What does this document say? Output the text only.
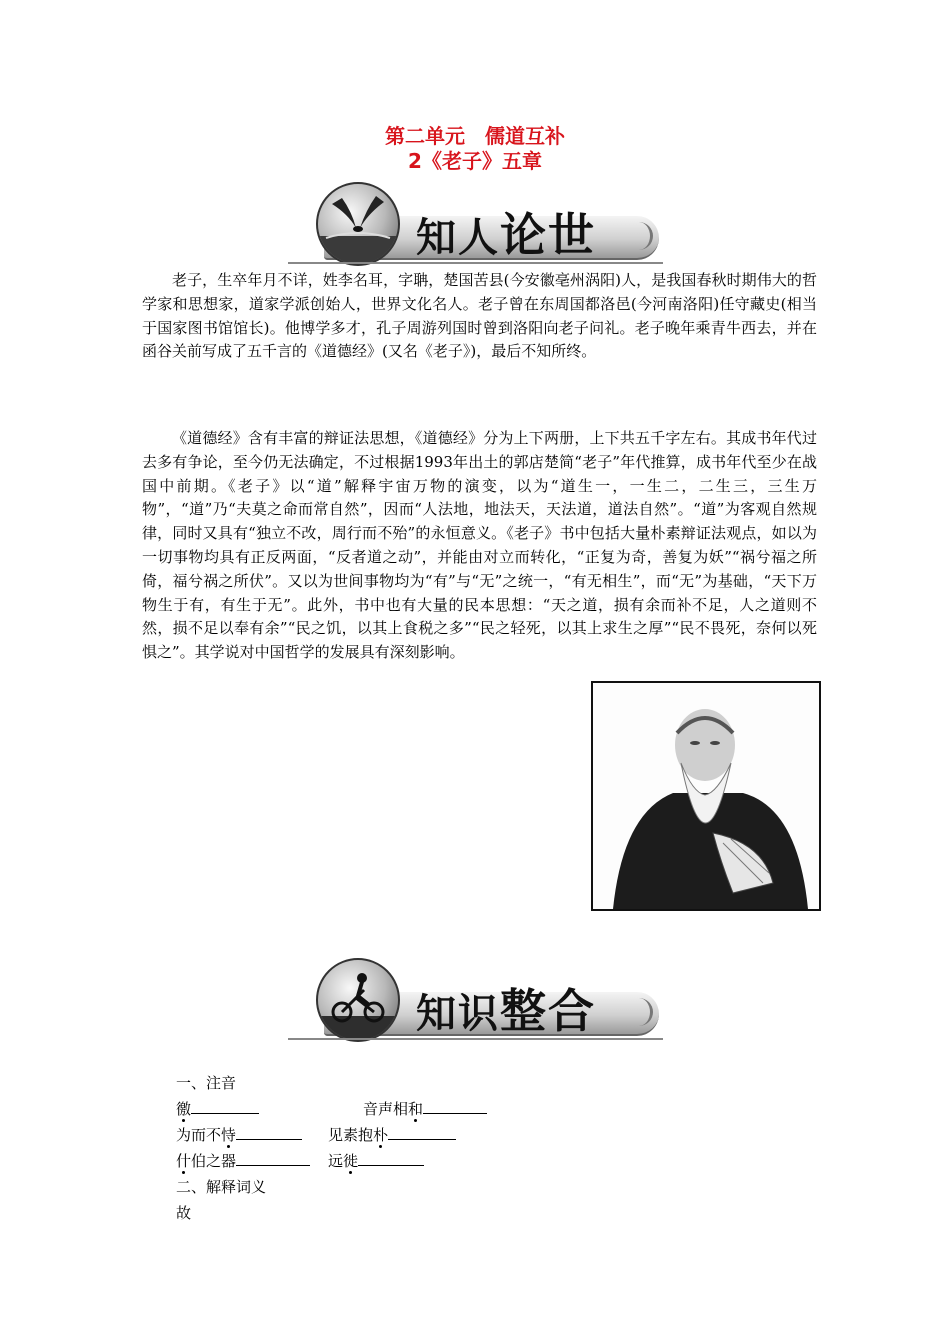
第二单元　儒道互补
2《老子》五章
知人论世

老子，生卒年月不详，姓李名耳，字聃，楚国苦县(今安徽亳州涡阳)人，是我国春秋时期伟大的哲学家和思想家，道家学派创始人，世界文化名人。老子曾在东周国都洛邑(今河南洛阳)任守藏史(相当于国家图书馆馆长)。他博学多才，孔子周游列国时曾到洛阳向老子问礼。老子晚年乘青牛西去，并在函谷关前写成了五千言的《道德经》(又名《老子》)，最后不知所终。

《道德经》含有丰富的辩证法思想，《道德经》分为上下两册，上下共五千字左右。其成书年代过去多有争论，至今仍无法确定，不过根据1993年出土的郭店楚简“老子”年代推算，成书年代至少在战国中前期。《老子》以“道”解释宇宙万物的演变，以为“道生一，一生二，二生三，三生万物”，“道”乃“夫莫之命而常自然”，因而“人法地，地法天，天法道，道法自然”。“道”为客观自然规律，同时又具有“独立不改，周行而不殆”的永恒意义。《老子》书中包括大量朴素辩证法观点，如以为一切事物均具有正反两面，“反者道之动”，并能由对立而转化，“正复为奇，善复为妖”“祸兮福之所倚，福兮祸之所伏”。又以为世间事物均为“有”与“无”之统一，“有无相生”，而“无”为基础，“天下万物生于有，有生于无”。此外，书中也有大量的民本思想：“天之道，损有余而补不足，人之道则不然，损不足以奉有余”“民之饥，以其上食税之多”“民之轻死，以其上求生之厚”“民不畏死，奈何以死惧之”。其学说对中国哲学的发展具有深刻影响。

知识整合
一、注音
徼	音声相和
为而不恃	见素抱朴
什伯之器	远徙
二、解释词义
故
